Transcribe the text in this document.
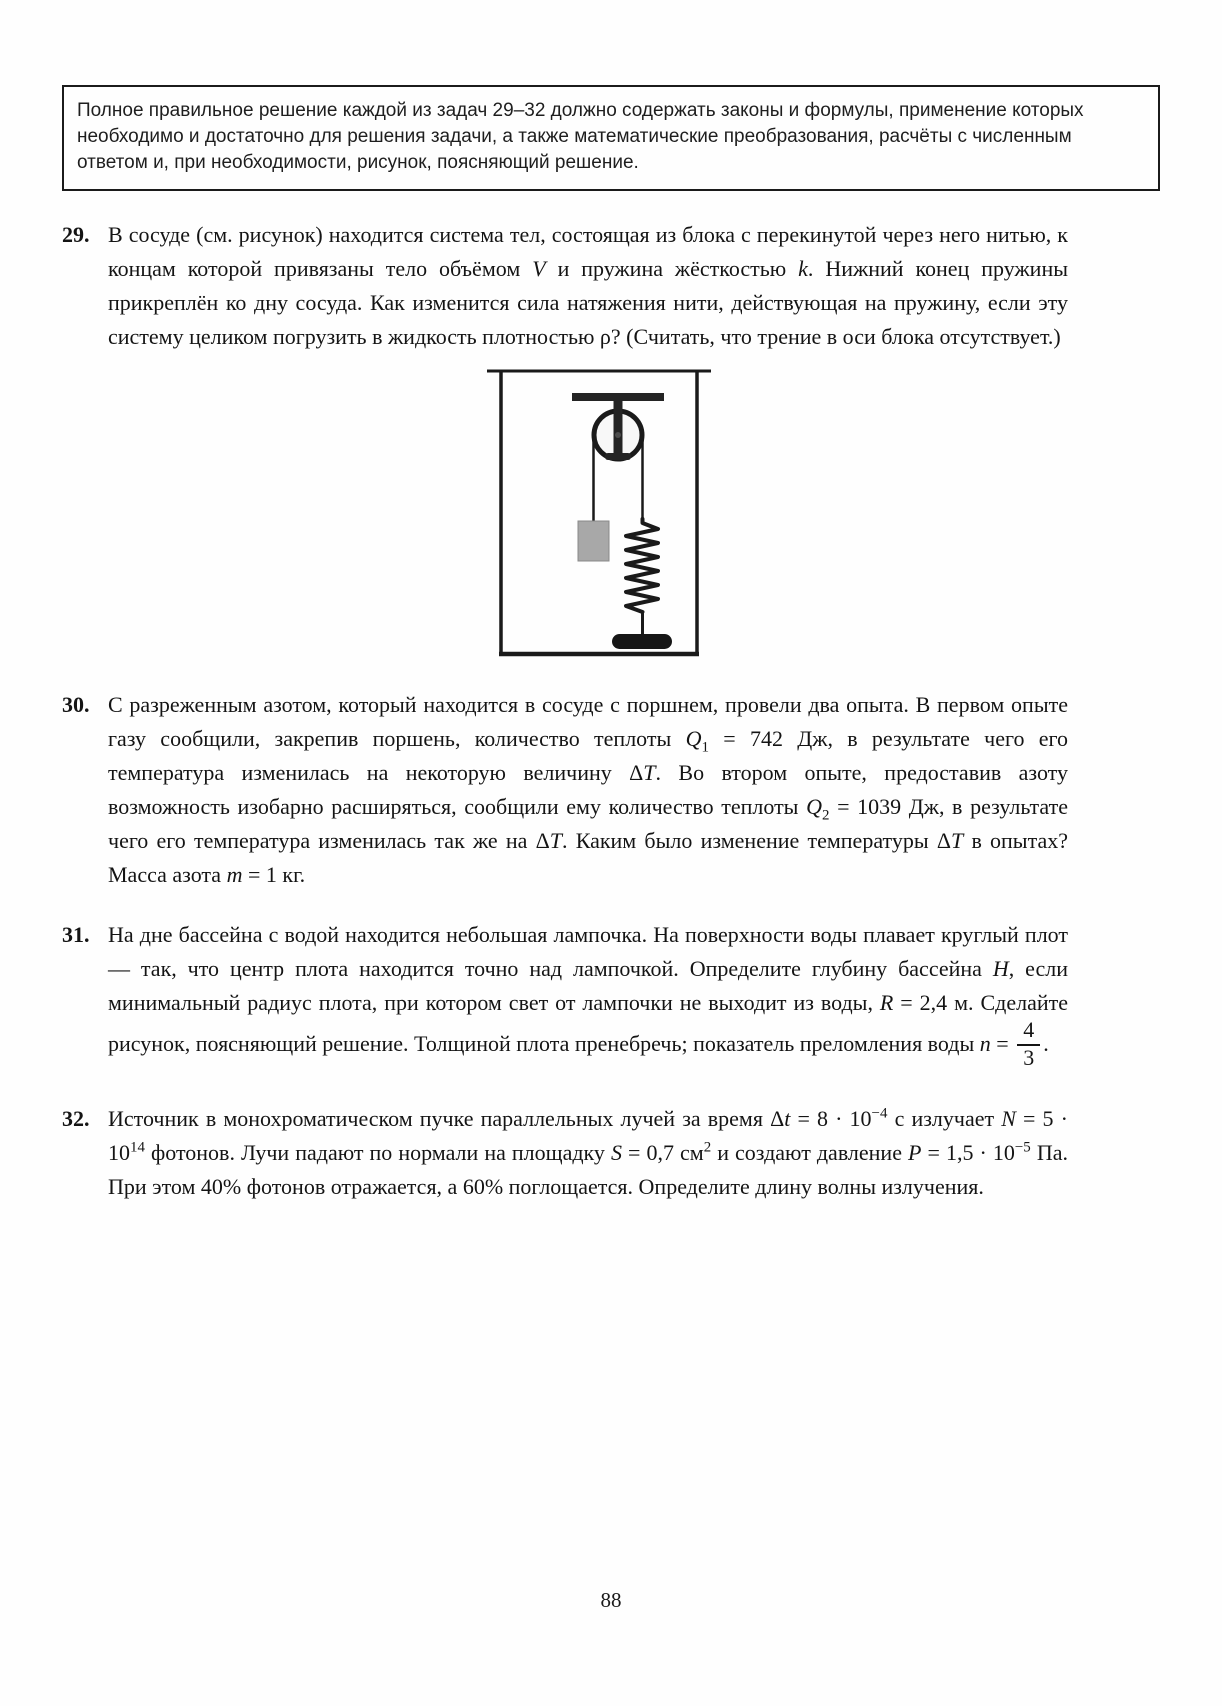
Полное правильное решение каждой из задач 29–32 должно содержать законы и формулы, применение которых необходимо и достаточно для решения задачи, а также математические преобразования, расчёты с численным ответом и, при необходимости, рисунок, поясняющий решение.
29. В сосуде (см. рисунок) находится система тел, состоящая из блока с перекинутой через него нитью, к концам которой привязаны тело объёмом V и пружина жёсткостью k. Нижний конец пружины прикреплён ко дну сосуда. Как изменится сила натяжения нити, действующая на пружину, если эту систему целиком погрузить в жидкость плотностью ρ? (Считать, что трение в оси блока отсутствует.)
30. С разреженным азотом, который находится в сосуде с поршнем, провели два опыта. В первом опыте газу сообщили, закрепив поршень, количество теплоты $Q_1 = 742$ Дж, в результате чего его температура изменилась на некоторую величину ΔT. Во втором опыте, предоставив азоту возможность изобарно расширяться, сообщили ему количество теплоты $Q_2 = 1039$ Дж, в результате чего его температура изменилась так же на ΔT. Каким было изменение температуры ΔT в опытах? Масса азота m = 1 кг.
31. На дне бассейна с водой находится небольшая лампочка. На поверхности воды плавает круглый плот — так, что центр плота находится точно над лампочкой. Определите глубину бассейна H, если минимальный радиус плота, при котором свет от лампочки не выходит из воды, R = 2,4 м. Сделайте рисунок, поясняющий решение. Толщиной плота пренебречь; показатель преломления воды $n = \frac{4}{3}$ .
32. Источник в монохроматическом пучке параллельных лучей за время $\Delta t = 8 \cdot 10^{-4}$ с излучает $N = 5 \cdot 10^{14}$ фотонов. Лучи падают по нормали на площадку S = 0,7 $см^2$ и создают давление $P = 1,5 \cdot 10^{-5}$ Па. При этом 40% фотонов отражается, а 60% поглощается. Определите длину волны излучения.
88
